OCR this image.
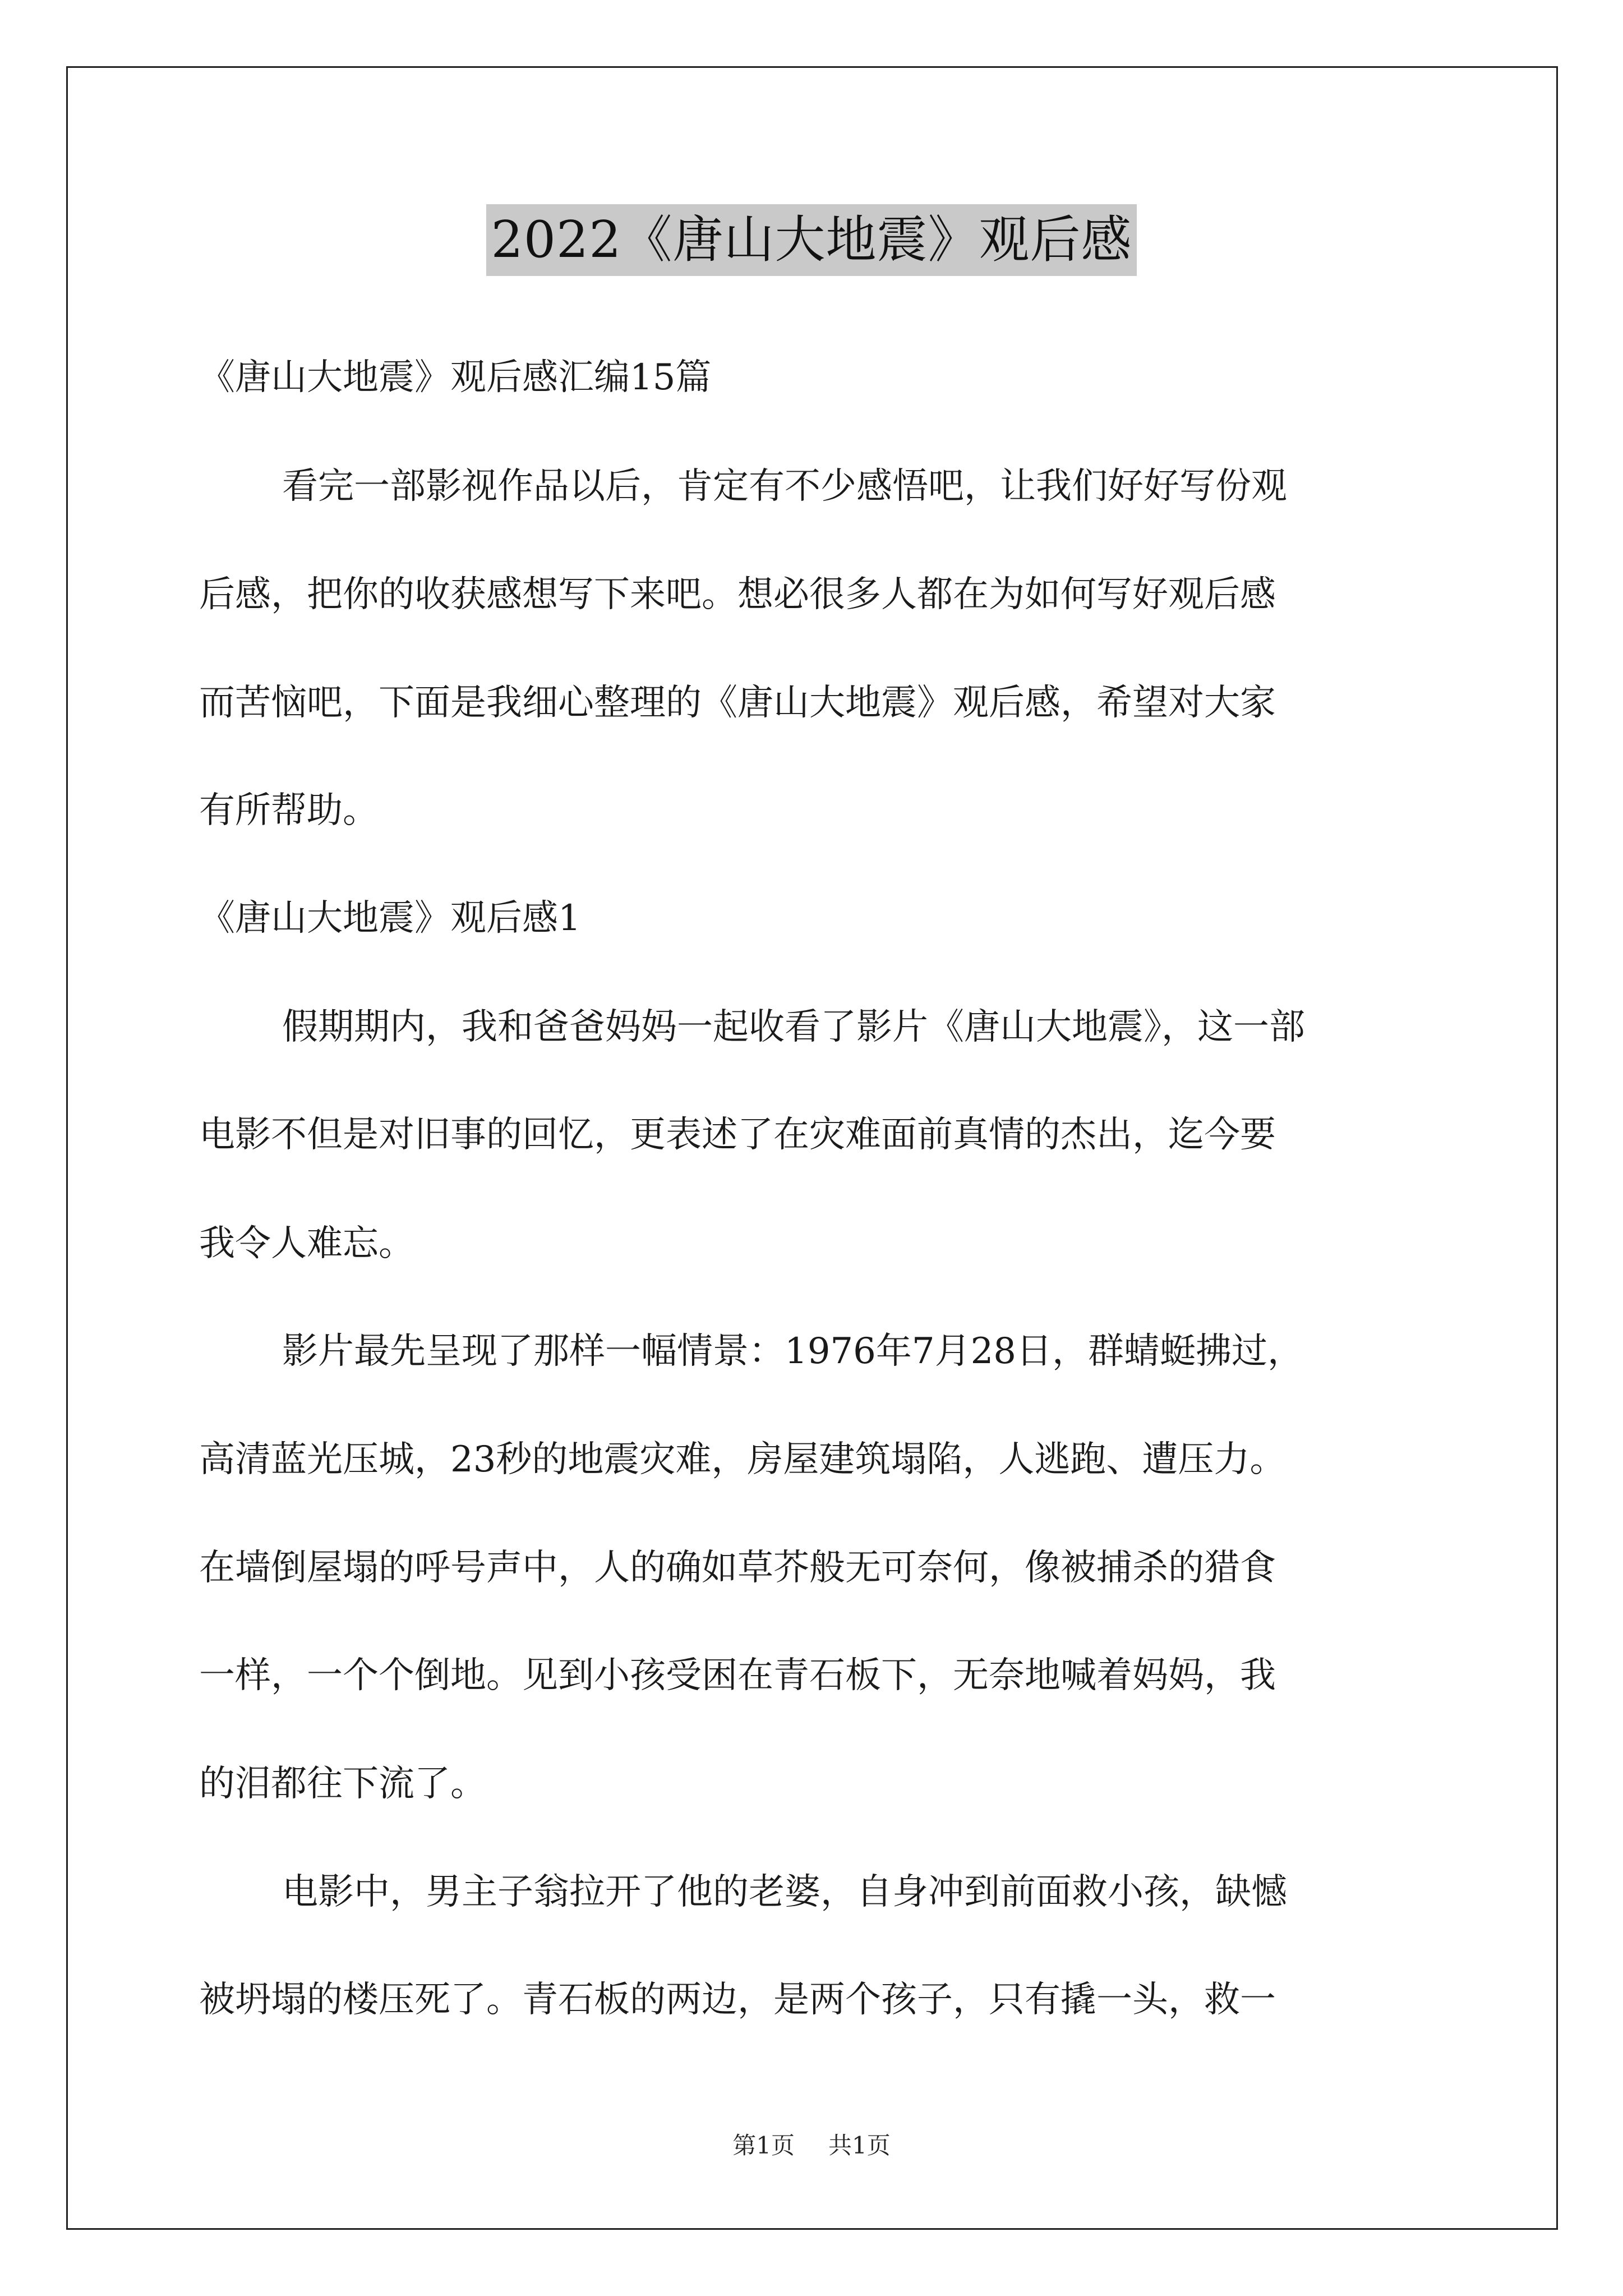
2022《唐山大地震》观后感
《唐山大地震》观后感汇编15篇
看完一部影视作品以后，肯定有不少感悟吧，让我们好好写份观
后感，把你的收获感想写下来吧。想必很多人都在为如何写好观后感
而苦恼吧，下面是我细心整理的《唐山大地震》观后感，希望对大家
有所帮助。
《唐山大地震》观后感1
假期期内，我和爸爸妈妈一起收看了影片《唐山大地震》，这一部
电影不但是对旧事的回忆，更表述了在灾难面前真情的杰出，迄今要
我令人难忘。
影片最先呈现了那样一幅情景：1976年7月28日，群蜻蜓拂过，
高清蓝光压城，23秒的地震灾难，房屋建筑塌陷，人逃跑、遭压力。
在墙倒屋塌的呼号声中，人的确如草芥般无可奈何，像被捕杀的猎食
一样，一个个倒地。见到小孩受困在青石板下，无奈地喊着妈妈，我
的泪都往下流了。
电影中，男主子翁拉开了他的老婆，自身冲到前面救小孩，缺憾
被坍塌的楼压死了。青石板的两边，是两个孩子，只有撬一头，救一
第1页 共1页
